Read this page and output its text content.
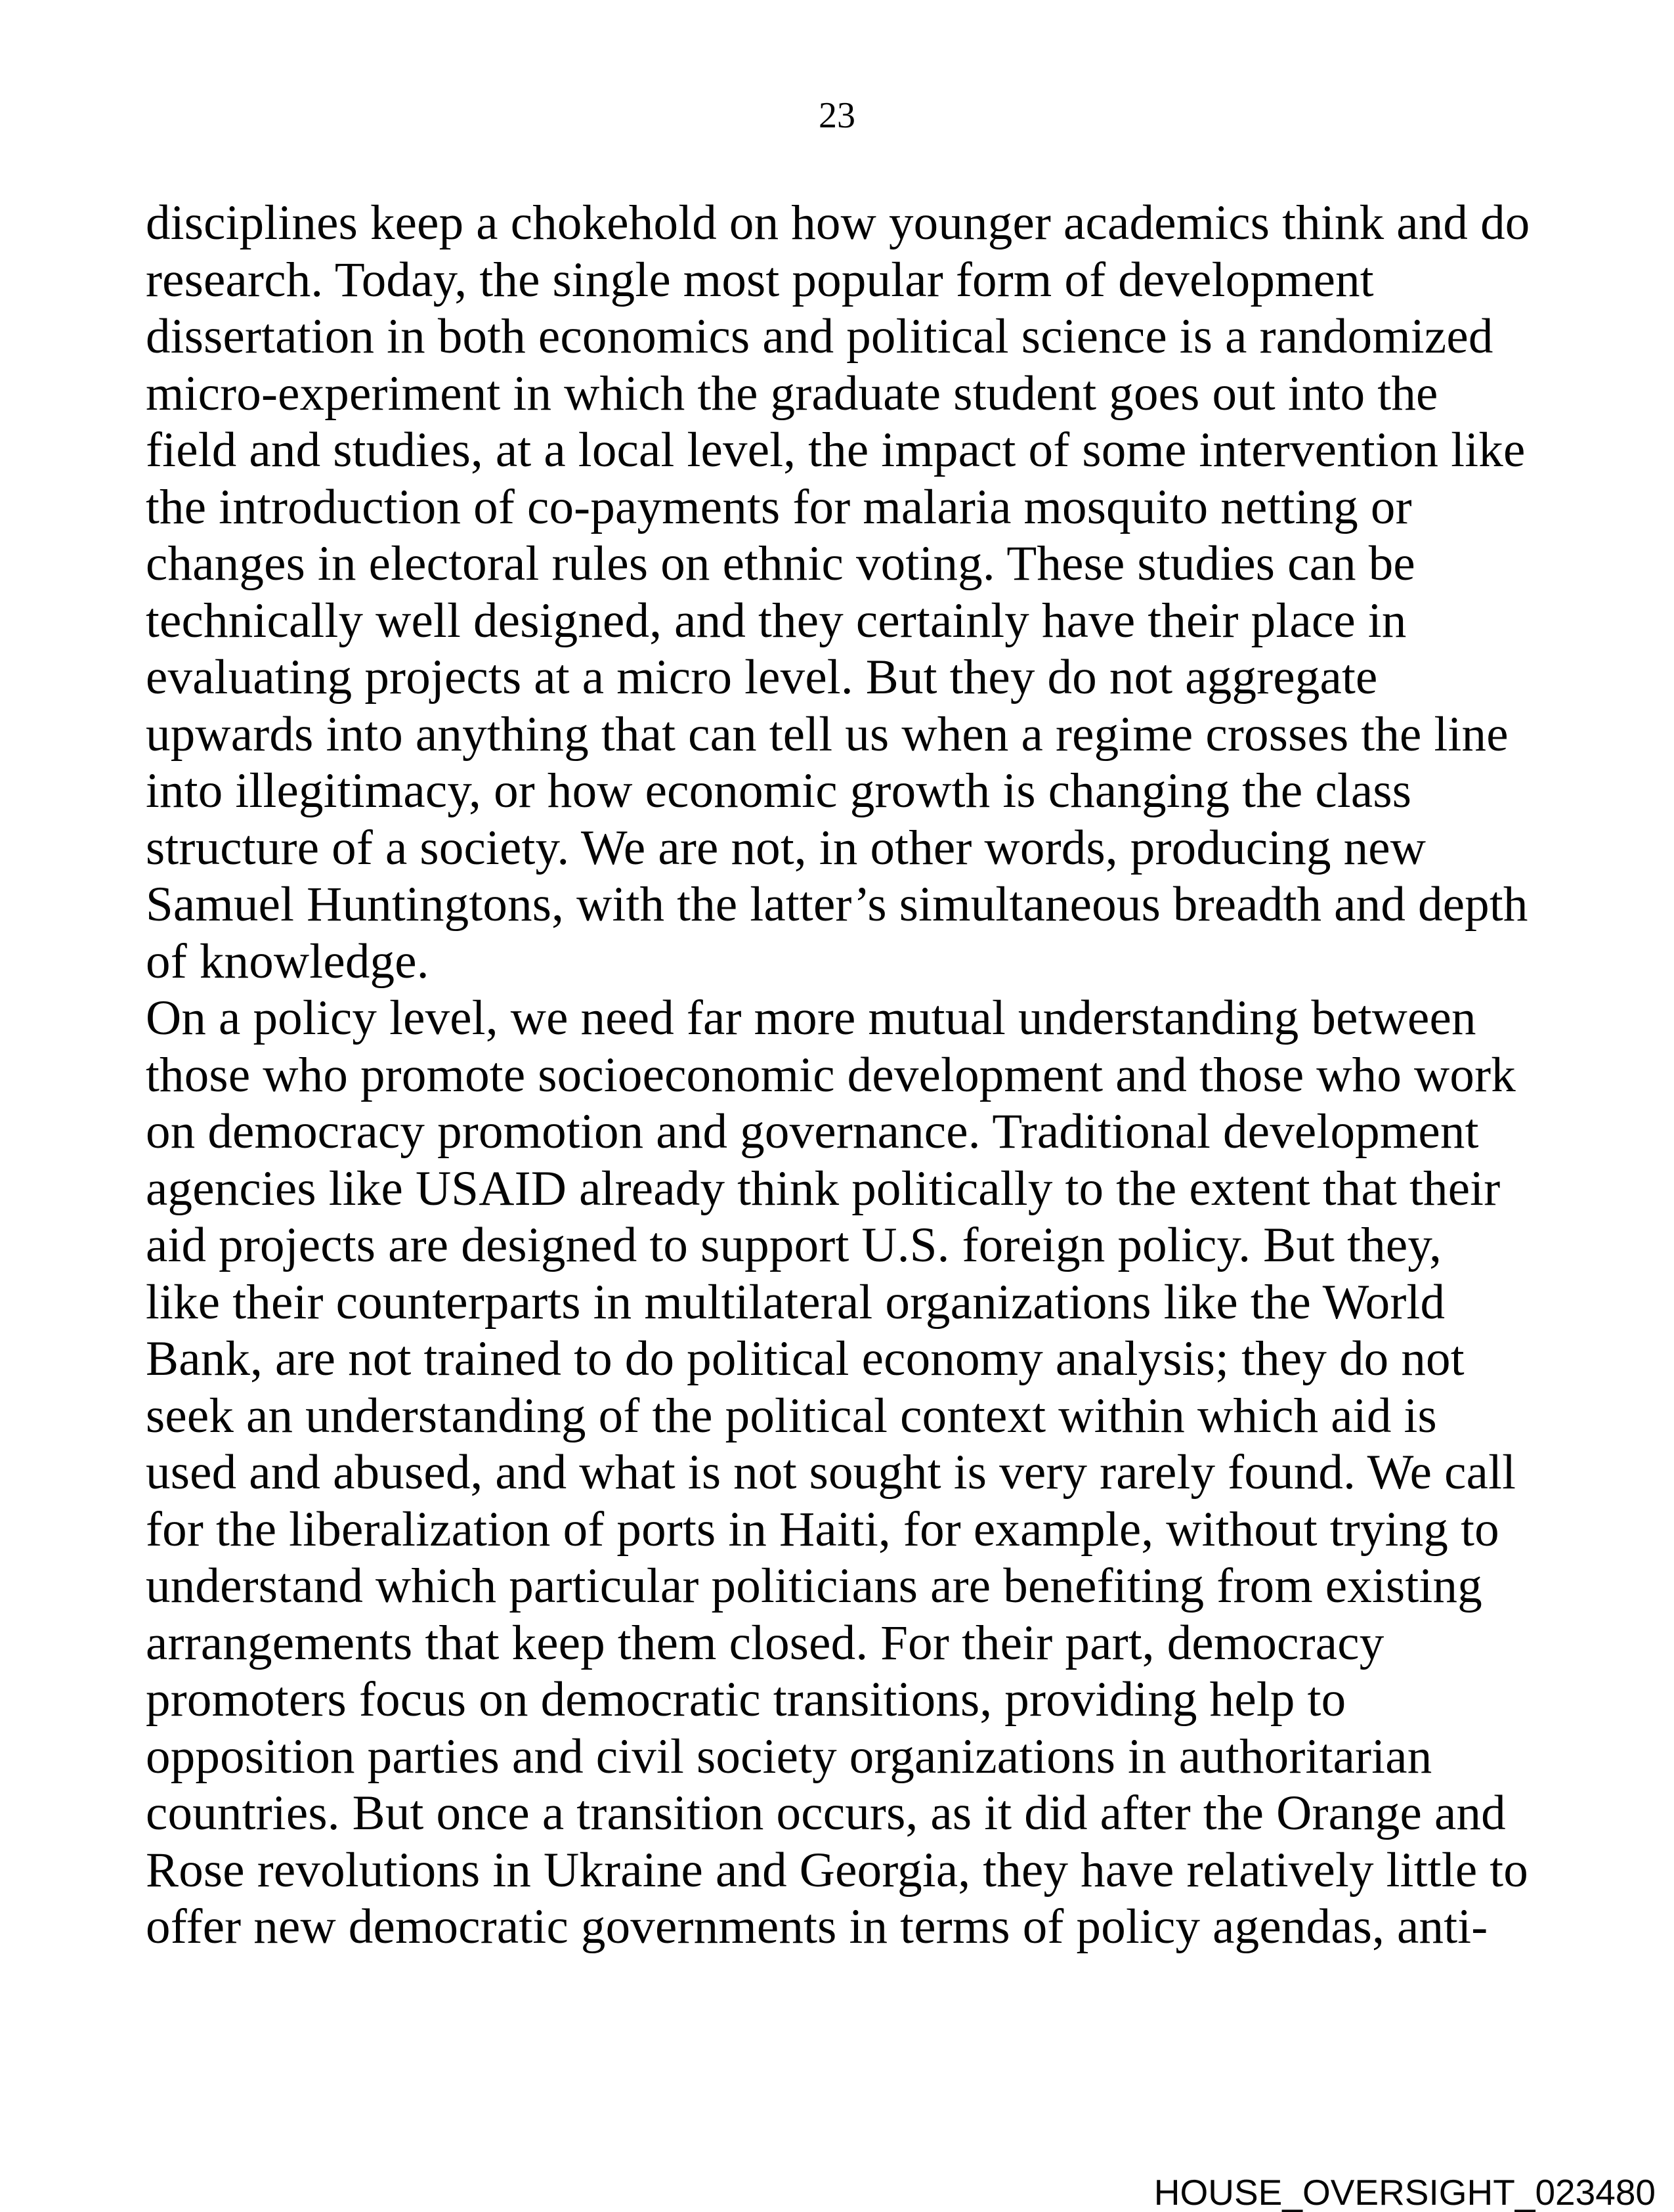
23
disciplines keep a chokehold on how younger academics think and do
research. Today, the single most popular form of development
dissertation in both economics and political science is a randomized
micro-experiment in which the graduate student goes out into the
field and studies, at a local level, the impact of some intervention like
the introduction of co-payments for malaria mosquito netting or
changes in electoral rules on ethnic voting. These studies can be
technically well designed, and they certainly have their place in
evaluating projects at a micro level. But they do not aggregate
upwards into anything that can tell us when a regime crosses the line
into illegitimacy, or how economic growth is changing the class
structure of a society. We are not, in other words, producing new
Samuel Huntingtons, with the latter’s simultaneous breadth and depth
of knowledge.
On a policy level, we need far more mutual understanding between
those who promote socioeconomic development and those who work
on democracy promotion and governance. Traditional development
agencies like USAID already think politically to the extent that their
aid projects are designed to support U.S. foreign policy. But they,
like their counterparts in multilateral organizations like the World
Bank, are not trained to do political economy analysis; they do not
seek an understanding of the political context within which aid is
used and abused, and what is not sought is very rarely found. We call
for the liberalization of ports in Haiti, for example, without trying to
understand which particular politicians are benefiting from existing
arrangements that keep them closed. For their part, democracy
promoters focus on democratic transitions, providing help to
opposition parties and civil society organizations in authoritarian
countries. But once a transition occurs, as it did after the Orange and
Rose revolutions in Ukraine and Georgia, they have relatively little to
offer new democratic governments in terms of policy agendas, anti-
HOUSE_OVERSIGHT_023480
